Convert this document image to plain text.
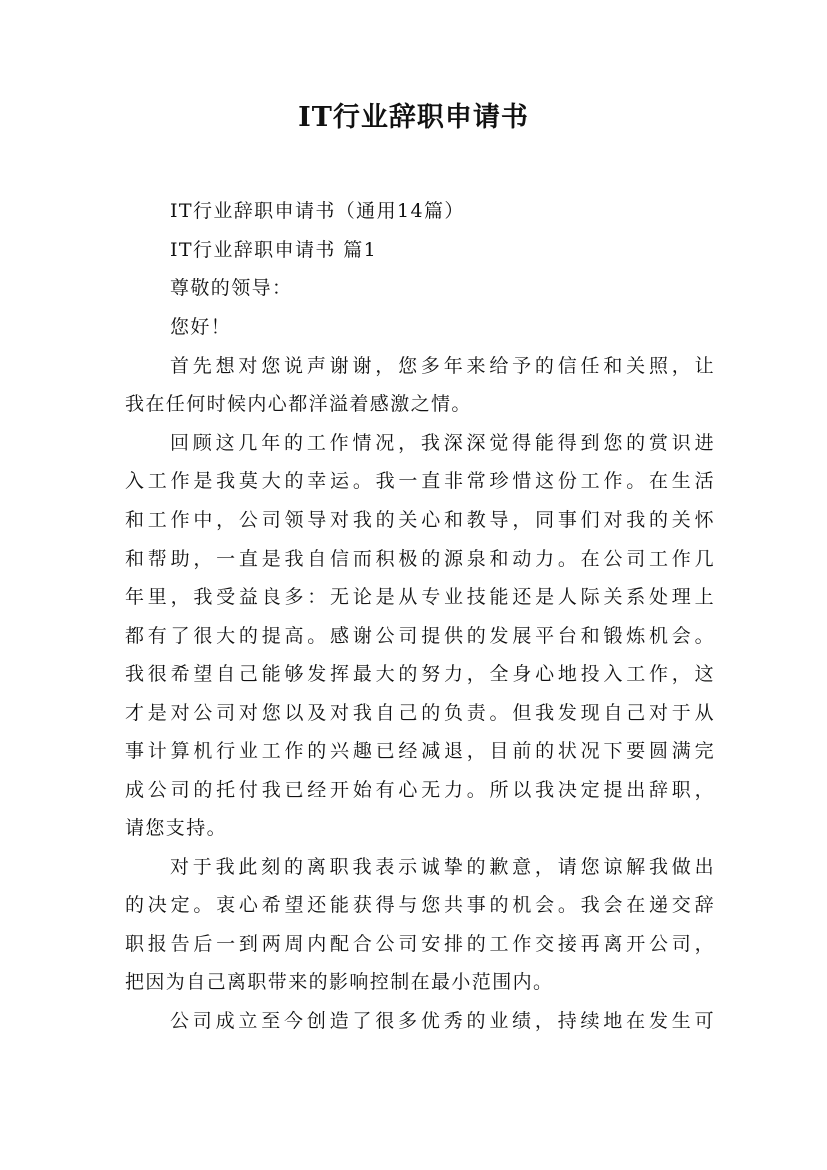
IT行业辞职申请书
IT行业辞职申请书（通用14篇）
IT行业辞职申请书 篇1
尊敬的领导：
您好！
首先想对您说声谢谢，您多年来给予的信任和关照，让
我在任何时候内心都洋溢着感激之情。
回顾这几年的工作情况，我深深觉得能得到您的赏识进
入工作是我莫大的幸运。我一直非常珍惜这份工作。在生活
和工作中，公司领导对我的关心和教导，同事们对我的关怀
和帮助，一直是我自信而积极的源泉和动力。在公司工作几
年里，我受益良多：无论是从专业技能还是人际关系处理上
都有了很大的提高。感谢公司提供的发展平台和锻炼机会。
我很希望自己能够发挥最大的努力，全身心地投入工作，这
才是对公司对您以及对我自己的负责。但我发现自己对于从
事计算机行业工作的兴趣已经减退，目前的状况下要圆满完
成公司的托付我已经开始有心无力。所以我决定提出辞职，
请您支持。
对于我此刻的离职我表示诚挚的歉意，请您谅解我做出
的决定。衷心希望还能获得与您共事的机会。我会在递交辞
职报告后一到两周内配合公司安排的工作交接再离开公司，
把因为自己离职带来的影响控制在最小范围内。
公司成立至今创造了很多优秀的业绩，持续地在发生可
